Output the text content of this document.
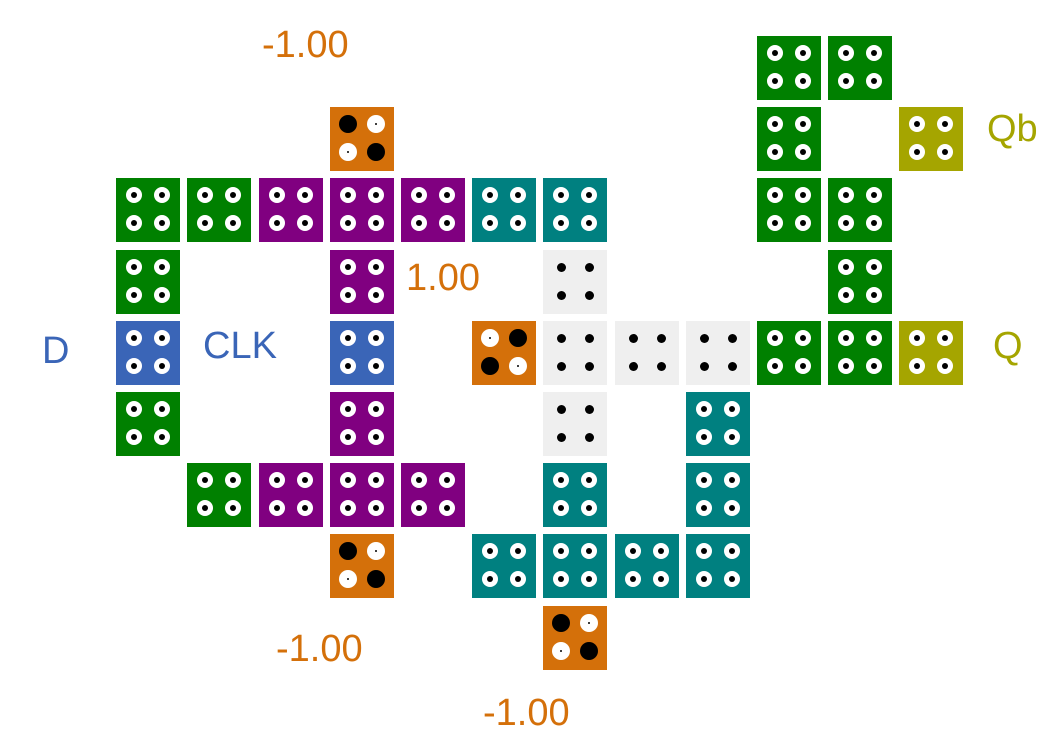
-1.00
1.00
-1.00
-1.00
D	CLK	Q
Qb
